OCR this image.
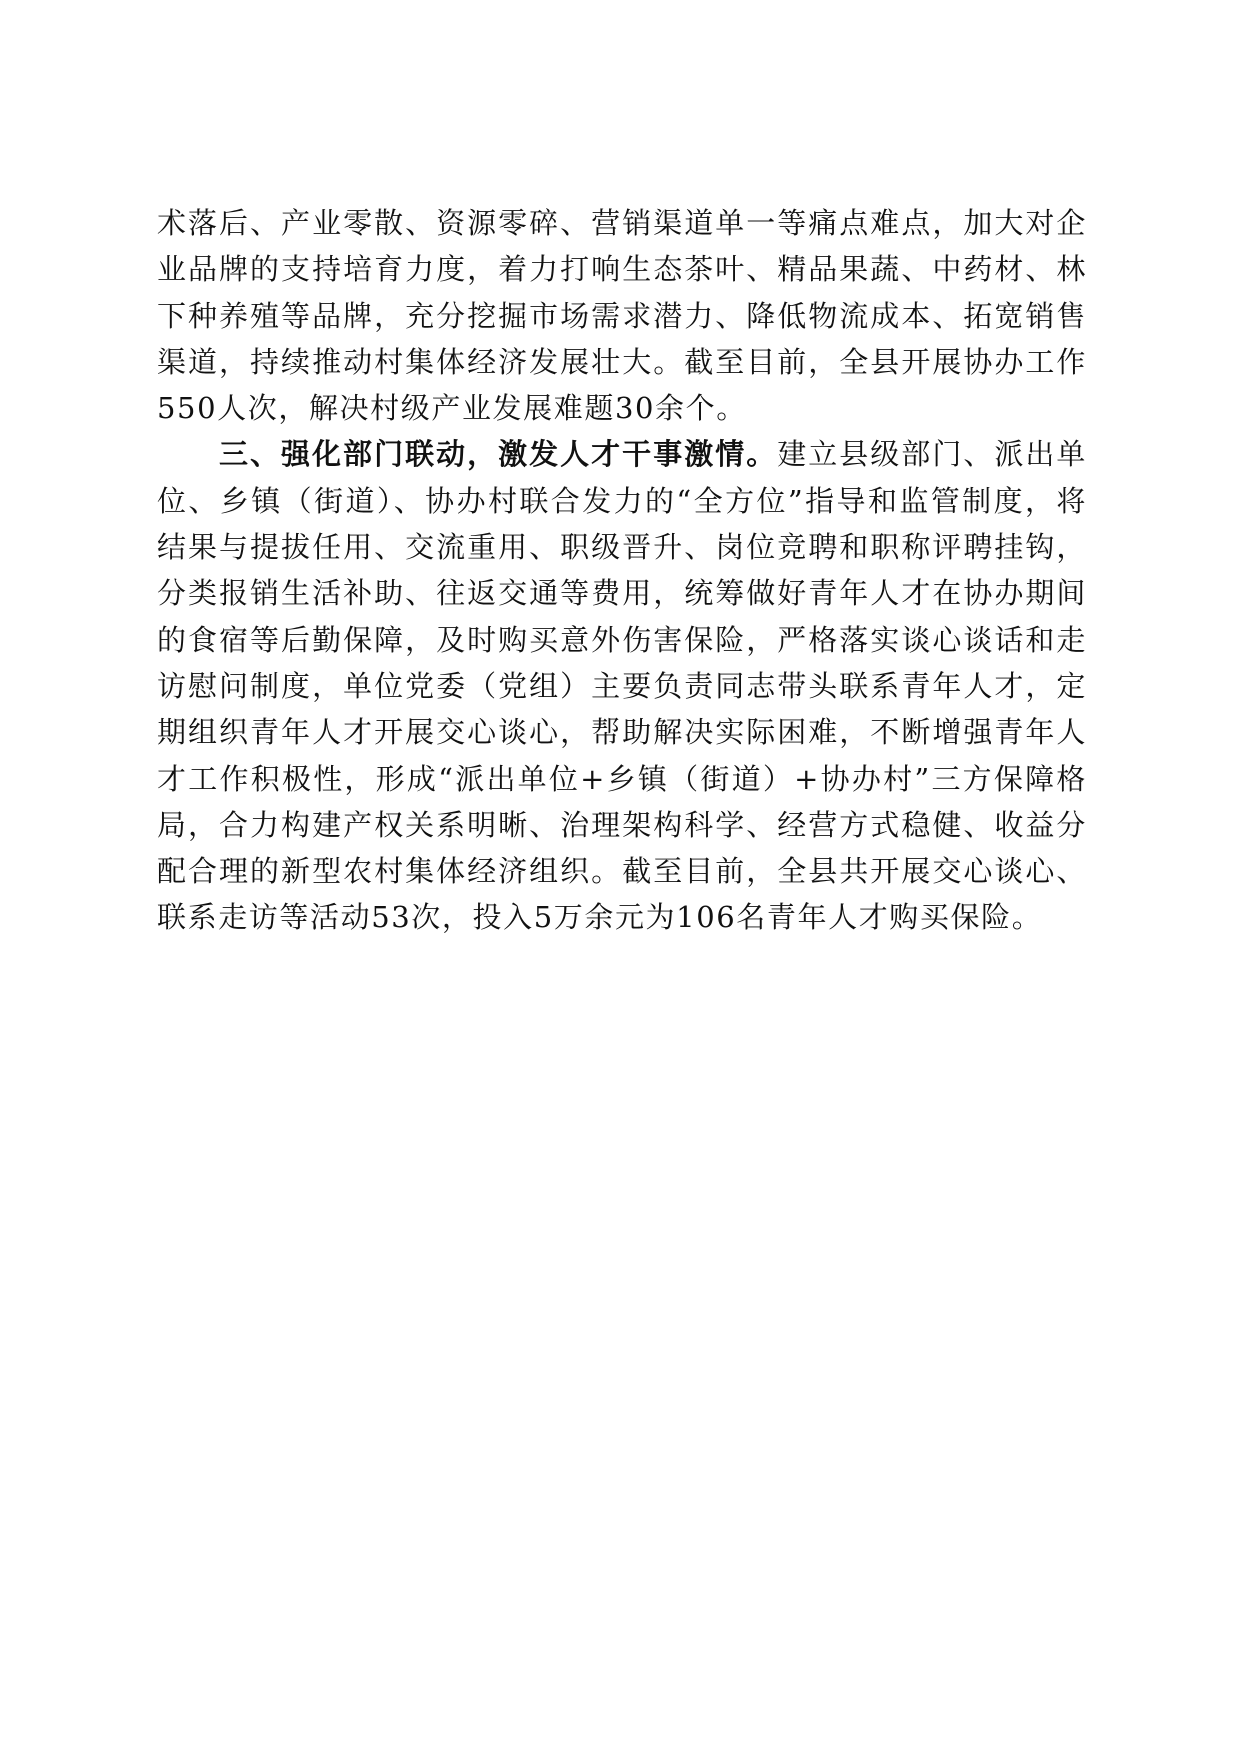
术落后、产业零散、资源零碎、营销渠道单一等痛点难点，加大对企业品牌的支持培育力度，着力打响生态茶叶、精品果蔬、中药材、林下种养殖等品牌，充分挖掘市场需求潜力、降低物流成本、拓宽销售渠道，持续推动村集体经济发展壮大。截至目前，全县开展协办工作550人次，解决村级产业发展难题30余个。

三、强化部门联动，激发人才干事激情。建立县级部门、派出单位、乡镇（街道）、协办村联合发力的“全方位”指导和监管制度，将结果与提拔任用、交流重用、职级晋升、岗位竞聘和职称评聘挂钩，分类报销生活补助、往返交通等费用，统筹做好青年人才在协办期间的食宿等后勤保障，及时购买意外伤害保险，严格落实谈心谈话和走访慰问制度，单位党委（党组）主要负责同志带头联系青年人才，定期组织青年人才开展交心谈心，帮助解决实际困难，不断增强青年人才工作积极性，形成“派出单位+乡镇（街道）+协办村”三方保障格局，合力构建产权关系明晰、治理架构科学、经营方式稳健、收益分配合理的新型农村集体经济组织。截至目前，全县共开展交心谈心、联系走访等活动53次，投入5万余元为106名青年人才购买保险。
